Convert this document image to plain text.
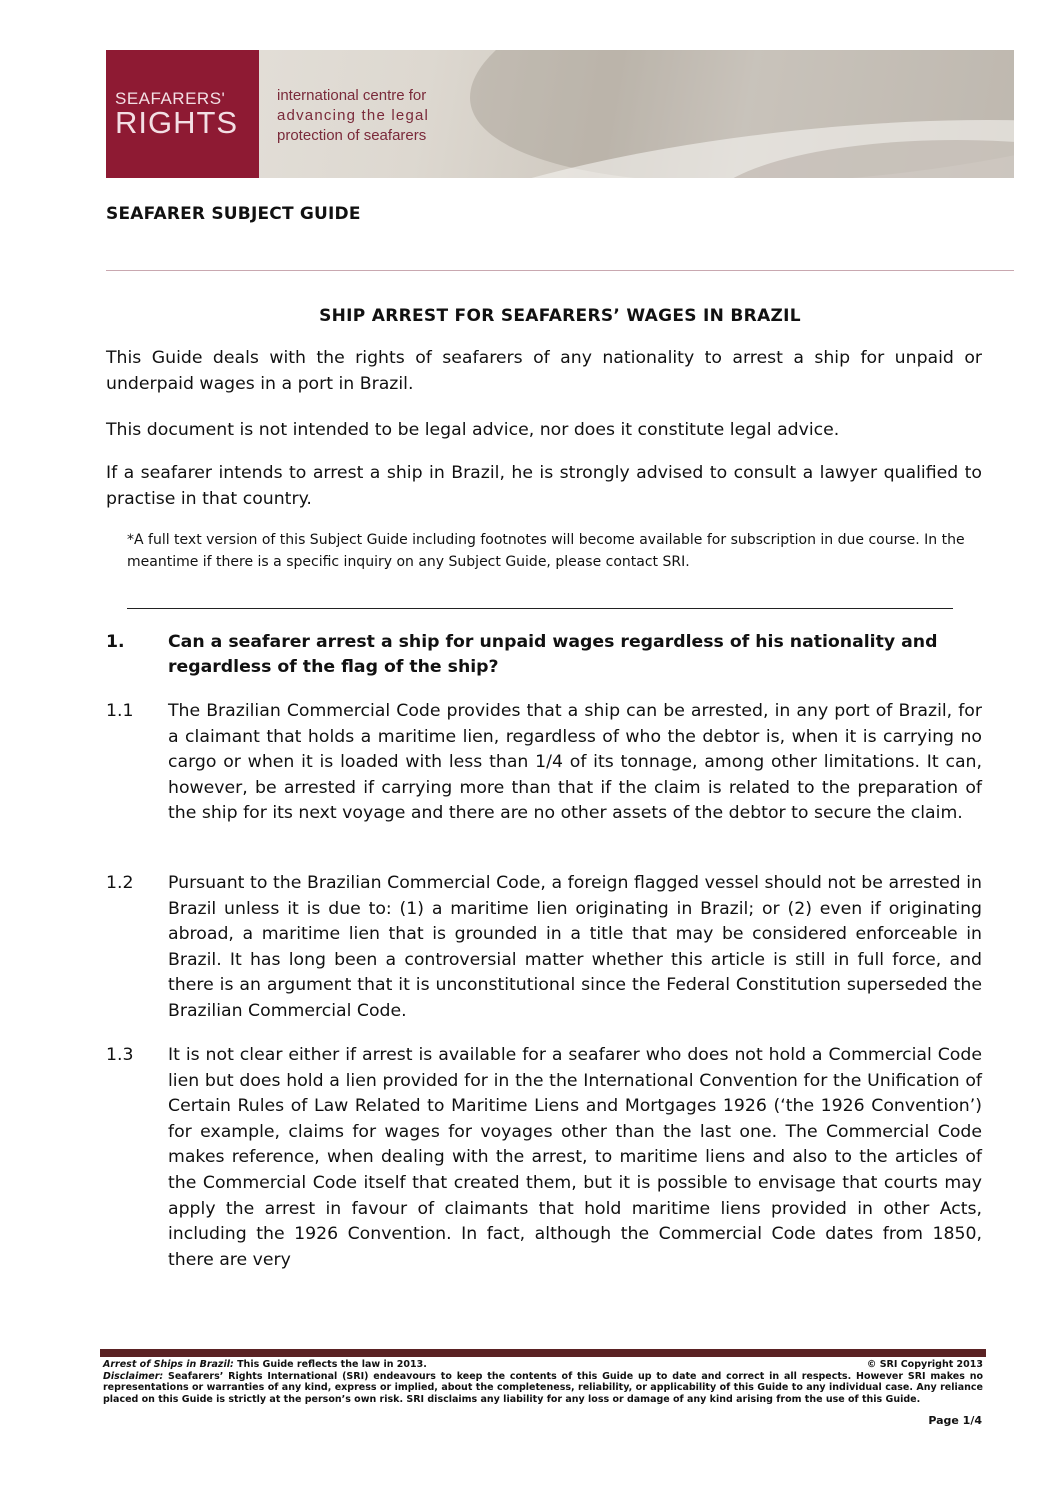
SEAFARERS'
RIGHTS
international centre for
advancing the legal
protection of seafarers
SEAFARER SUBJECT GUIDE
SHIP ARREST FOR SEAFARERS’ WAGES IN BRAZIL
This Guide deals with the rights of seafarers of any nationality to arrest a ship for unpaid or underpaid wages in a port in Brazil.
This document is not intended to be legal advice, nor does it constitute legal advice.
If a seafarer intends to arrest a ship in Brazil, he is strongly advised to consult a lawyer qualified to practise in that country.
*A full text version of this Subject Guide including footnotes will become available for subscription in due course. In the meantime if there is a specific inquiry on any Subject Guide, please contact SRI.
1.	Can a seafarer arrest a ship for unpaid wages regardless of his nationality and regardless of the flag of the ship?
1.1 The Brazilian Commercial Code provides that a ship can be arrested, in any port of Brazil, for a claimant that holds a maritime lien, regardless of who the debtor is, when it is carrying no cargo or when it is loaded with less than 1/4 of its tonnage, among other limitations. It can, however, be arrested if carrying more than that if the claim is related to the preparation of the ship for its next voyage and there are no other assets of the debtor to secure the claim.
1.2 Pursuant to the Brazilian Commercial Code, a foreign flagged vessel should not be arrested in Brazil unless it is due to: (1) a maritime lien originating in Brazil; or (2) even if originating abroad, a maritime lien that is grounded in a title that may be considered enforceable in Brazil. It has long been a controversial matter whether this article is still in full force, and there is an argument that it is unconstitutional since the Federal Constitution superseded the Brazilian Commercial Code.
1.3 It is not clear either if arrest is available for a seafarer who does not hold a Commercial Code lien but does hold a lien provided for in the the International Convention for the Unification of Certain Rules of Law Related to Maritime Liens and Mortgages 1926 (‘the 1926 Convention’) for example, claims for wages for voyages other than the last one. The Commercial Code makes reference, when dealing with the arrest, to maritime liens and also to the articles of the Commercial Code itself that created them, but it is possible to envisage that courts may apply the arrest in favour of claimants that hold maritime liens provided in other Acts, including the 1926 Convention. In fact, although the Commercial Code dates from 1850, there are very
Arrest of Ships in Brazil: This Guide reflects the law in 2013.	© SRI Copyright 2013
Disclaimer: Seafarers’ Rights International (SRI) endeavours to keep the contents of this Guide up to date and correct in all respects. However SRI makes no representations or warranties of any kind, express or implied, about the completeness, reliability, or applicability of this Guide to any individual case. Any reliance placed on this Guide is strictly at the person’s own risk. SRI disclaims any liability for any loss or damage of any kind arising from the use of this Guide.
Page 1/4
